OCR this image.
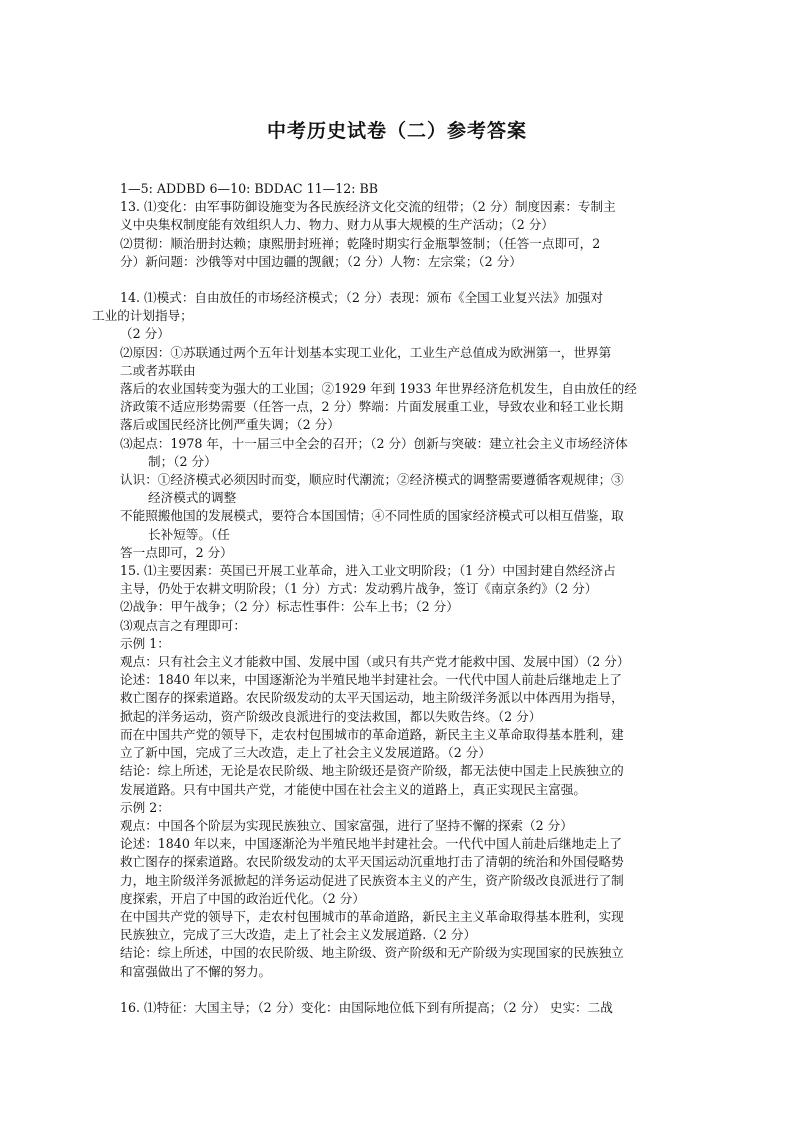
中考历史试卷（二）参考答案

1—5: ADDBD 6—10: BDDAC 11—12: BB

13. ⑴变化：由军事防御设施变为各民族经济文化交流的纽带；（2 分）制度因素：专制主

义中央集权制度能有效组织人力、物力、财力从事大规模的生产活动；（2 分）

⑵贯彻：顺治册封达赖；康熙册封班禅；乾隆时期实行金瓶掣签制；（任答一点即可，2

分）新问题：沙俄等对中国边疆的觊觎；（2 分）人物：左宗棠；（2 分）

14. ⑴模式：自由放任的市场经济模式；（2 分）表现：颁布《全国工业复兴法》加强对

工业的计划指导；

（2 分）

⑵原因：①苏联通过两个五年计划基本实现工业化，工业生产总值成为欧洲第一，世界第

二或者苏联由

落后的农业国转变为强大的工业国；②1929 年到 1933 年世界经济危机发生，自由放任的经

济政策不适应形势需要（任答一点，2 分）弊端：片面发展重工业，导致农业和轻工业长期

落后或国民经济比例严重失调；（2 分）

⑶起点：1978 年，十一届三中全会的召开；（2 分）创新与突破：建立社会主义市场经济体

制；（2 分）

认识：①经济模式必须因时而变，顺应时代潮流；②经济模式的调整需要遵循客观规律；③

经济模式的调整

不能照搬他国的发展模式，要符合本国国情；④不同性质的国家经济模式可以相互借鉴，取

长补短等。（任

答一点即可，2 分）

15. ⑴主要因素：英国已开展工业革命，进入工业文明阶段；（1 分）中国封建自然经济占

主导，仍处于农耕文明阶段；（1 分）方式：发动鸦片战争，签订《南京条约》（2 分）

⑵战争：甲午战争；（2 分）标志性事件：公车上书；（2 分）

⑶观点言之有理即可：

示例 1：

观点：只有社会主义才能救中国、发展中国（或只有共产党才能救中国、发展中国）（2 分）

论述：1840 年以来，中国逐渐沦为半殖民地半封建社会。一代代中国人前赴后继地走上了

救亡图存的探索道路。农民阶级发动的太平天国运动，地主阶级洋务派以中体西用为指导，

掀起的洋务运动，资产阶级改良派进行的变法救国，都以失败告终。（2 分）

而在中国共产党的领导下，走农村包围城市的革命道路，新民主主义革命取得基本胜利，建

立了新中国，完成了三大改造，走上了社会主义发展道路。（2 分）

结论：综上所述，无论是农民阶级、地主阶级还是资产阶级，都无法使中国走上民族独立的

发展道路。只有中国共产党，才能使中国在社会主义的道路上，真正实现民主富强。

示例 2：

观点：中国各个阶层为实现民族独立、国家富强，进行了坚持不懈的探索（2 分）

论述：1840 年以来，中国逐渐沦为半殖民地半封建社会。一代代中国人前赴后继地走上了

救亡图存的探索道路。农民阶级发动的太平天国运动沉重地打击了清朝的统治和外国侵略势

力，地主阶级洋务派掀起的洋务运动促进了民族资本主义的产生，资产阶级改良派进行了制

度探索，开启了中国的政治近代化。（2 分）

在中国共产党的领导下，走农村包围城市的革命道路，新民主主义革命取得基本胜利，实现

民族独立，完成了三大改造，走上了社会主义发展道路.（2 分）

结论：综上所述，中国的农民阶级、地主阶级、资产阶级和无产阶级为实现国家的民族独立

和富强做出了不懈的努力。

16. ⑴特征：大国主导；（2 分）变化：由国际地位低下到有所提高；（2 分） 史实：二战
